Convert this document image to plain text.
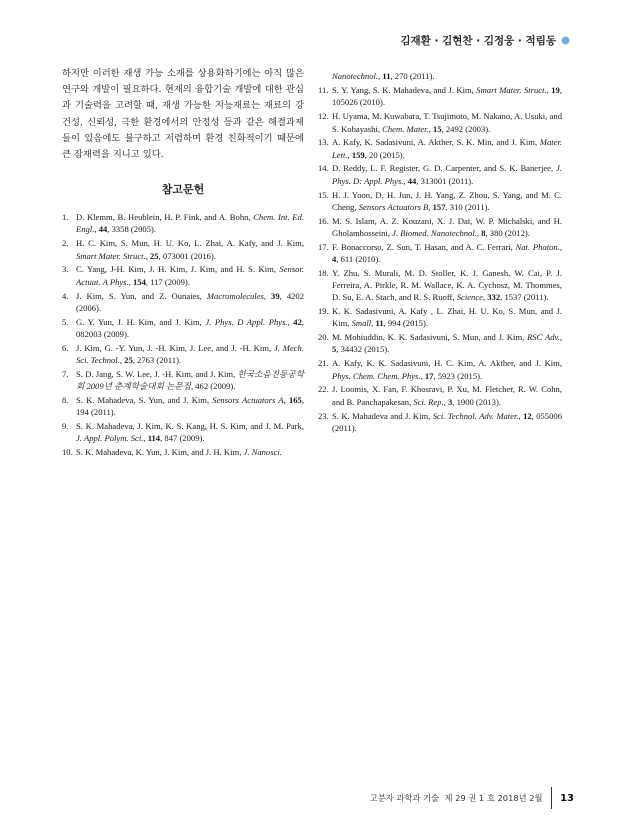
김재환 · 김현찬 · 김정웅 · 적림동

하지만 이러한 재생 가능 소재를 상용화하기에는 아직 많은 연구와 개발이 필요하다. 현재의 융합기술 개발에 대한 관심과 기술력을 고려할 때, 재생 가능한 지능재료는 재료의 강건성, 신뢰성, 극한 환경에서의 안정성 등과 같은 해결과제들이 있음에도 불구하고 저렴하며 환경 친화적이기 때문에 큰 잠재력을 지니고 있다.

참고문헌
1. D. Klemm, B. Heublein, H. P. Fink, and A. Bohn, Chem. Int. Ed. Engl., 44, 3358 (2005).
2. H. C. Kim, S. Mun, H. U. Ko, L. Zhai, A. Kafy, and J. Kim, Smart Mater. Struct., 25, 073001 (2016).
3. C. Yang, J-H. Kim, J. H. Kim, J. Kim, and H. S. Kim, Sensor. Actuat. A Phys., 154, 117 (2009).
4. J. Kim, S. Yun, and Z. Ounaies, Macromolecules, 39, 4202 (2006).
5. G. Y. Yun, J. H. Kim, and J. Kim, J. Phys. D Appl. Phys., 42, 082003 (2009).
6. J. Kim, G. -Y. Yun, J. -H. Kim, J. Lee, and J. -H. Kim, J. Mech. Sci. Technol., 25, 2763 (2011).
7. S. D. Jang, S. W. Lee, J. -H. Kim, and J. Kim, 한국소음진동공학회 2009년 춘계학술대회 논문집, 462 (2009).
8. S. K. Mahadeva, S. Yun, and J. Kim, Sensors Actuators A, 165, 194 (2011).
9. S. K. Mahadeva, J. Kim, K. S. Kang, H. S. Kim, and J. M. Park, J. Appl. Polym. Sci., 114, 847 (2009).
10. S. K. Mahadeva, K. Yun, J. Kim, and J. H. Kim, J. Nanosci.
Nanotechnol., 11, 270 (2011).
11. S. Y. Yang, S. K. Mahadeva, and J. Kim, Smart Mater. Struct., 19, 105026 (2010).
12. H. Uyama, M. Kuwabara, T. Tsujimoto, M. Nakano, A. Usuki, and S. Kobayashi, Chem. Mater., 15, 2492 (2003).
13. A. Kafy, K. Sadasivuni, A. Akther, S. K. Min, and J. Kim, Mater. Lett., 159, 20 (2015).
14. D. Reddy, L. F. Register, G. D. Carpenter, and S. K. Banerjee, J. Phys. D: Appl. Phys., 44, 313001 (2011).
15. H. J. Yoon, D. H. Jun, J. H. Yang, Z. Zhou, S. Yang, and M. C. Cheng, Sensors Actuators B, 157, 310 (2011).
16. M. S. Islam, A. Z. Kouzani, X. J. Dai, W. P. Michalski, and H. Gholamhosseini, J. Biomed. Nanotechnol., 8, 380 (2012).
17. F. Bonaccorso, Z. Sun, T. Hasan, and A. C. Ferrari, Nat. Photon., 4, 611 (2010).
18. Y. Zhu, S. Murali, M. D. Stoller, K. J. Ganesh, W. Cai, P. J. Ferreira, A. Pirkle, R. M. Wallace, K. A. Cychosz, M. Thommes, D. Su, E. A. Stach, and R. S. Ruoff, Science, 332, 1537 (2011).
19. K. K. Sadasivuni, A. Kafy , L. Zhai, H. U. Ko, S. Mun, and J. Kim, Small, 11, 994 (2015).
20. M. Mohiuddin, K. K. Sadasivuni, S. Mun, and J. Kim, RSC Adv., 5, 34432 (2015).
21. A. Kafy, K. K. Sadasivuni, H. C. Kim, A. Akther, and J. Kim, Phys. Chem. Chem. Phys., 17, 5923 (2015).
22. J. Loomis, X. Fan, F. Khosravi, P. Xu, M. Fletcher, R. W. Cohn, and B. Panchapakesan, Sci. Rep., 3, 1900 (2013).
23. S. K. Mahadeva and J. Kim, Sci. Technol. Adv. Mater., 12, 055006 (2011).
고분자 과학과 기술
제 29 권 1 호 2018년 2월 13
